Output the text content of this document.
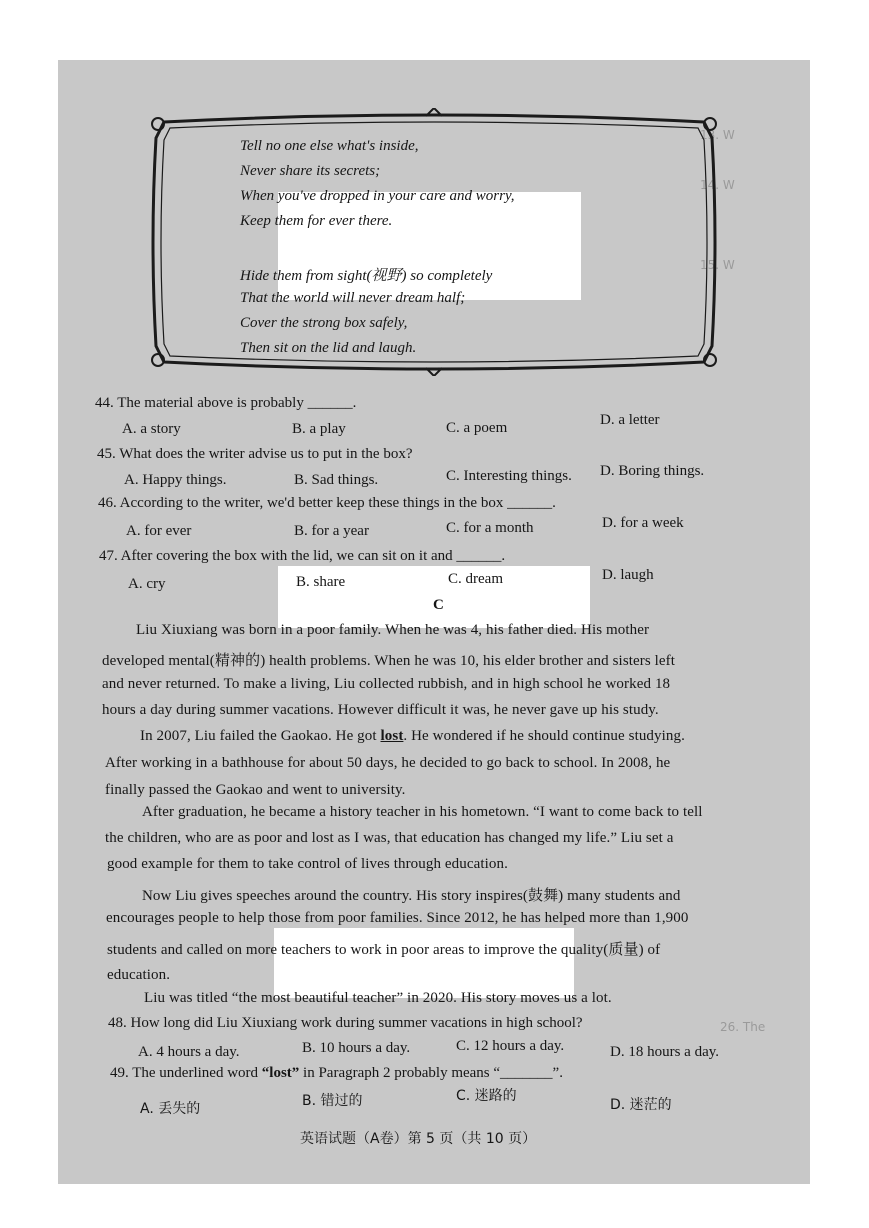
13. W
14. W
15. W
26. The
Tell no one else what's inside,
Never share its secrets;
When you've dropped in your care and worry,
Keep them for ever there.
Hide them from sight(视野) so completely
That the world will never dream half;
Cover the strong box safely,
Then sit on the lid and laugh.
44. The material above is probably ______.
A. a story	B. a play	C. a poem	D. a letter
45. What does the writer advise us to put in the box?
A. Happy things.	B. Sad things.	C. Interesting things. D. Boring things.
46. According to the writer, we'd better keep these things in the box ______.
A. for ever	B. for a year	C. for a month	D. for a week
47. After covering the box with the lid, we can sit on it and ______.
A. cry	B. share	C. dream	D. laugh
C
Liu Xiuxiang was born in a poor family. When he was 4, his father died. His mother
developed mental(精神的) health problems. When he was 10, his elder brother and sisters left
and never returned. To make a living, Liu collected rubbish, and in high school he worked 18
hours a day during summer vacations. However difficult it was, he never gave up his study.
In 2007, Liu failed the Gaokao. He got lost. He wondered if he should continue studying.
After working in a bathhouse for about 50 days, he decided to go back to school. In 2008, he
finally passed the Gaokao and went to university.
After graduation, he became a history teacher in his hometown. “I want to come back to tell
the children, who are as poor and lost as I was, that education has changed my life.” Liu set a
good example for them to take control of lives through education.
Now Liu gives speeches around the country. His story inspires(鼓舞) many students and
encourages people to help those from poor families. Since 2012, he has helped more than 1,900
students and called on more teachers to work in poor areas to improve the quality(质量) of
education.
Liu was titled “the most beautiful teacher” in 2020. His story moves us a lot.
48. How long did Liu Xiuxiang work during summer vacations in high school?
A. 4 hours a day.	B. 10 hours a day.	C. 12 hours a day.	D. 18 hours a day.
49. The underlined word “lost” in Paragraph 2 probably means “_______”.
A. 丢失的	B. 错过的	C. 迷路的
D. 迷茫的
英语试题（A卷）第 5 页（共 10 页）
